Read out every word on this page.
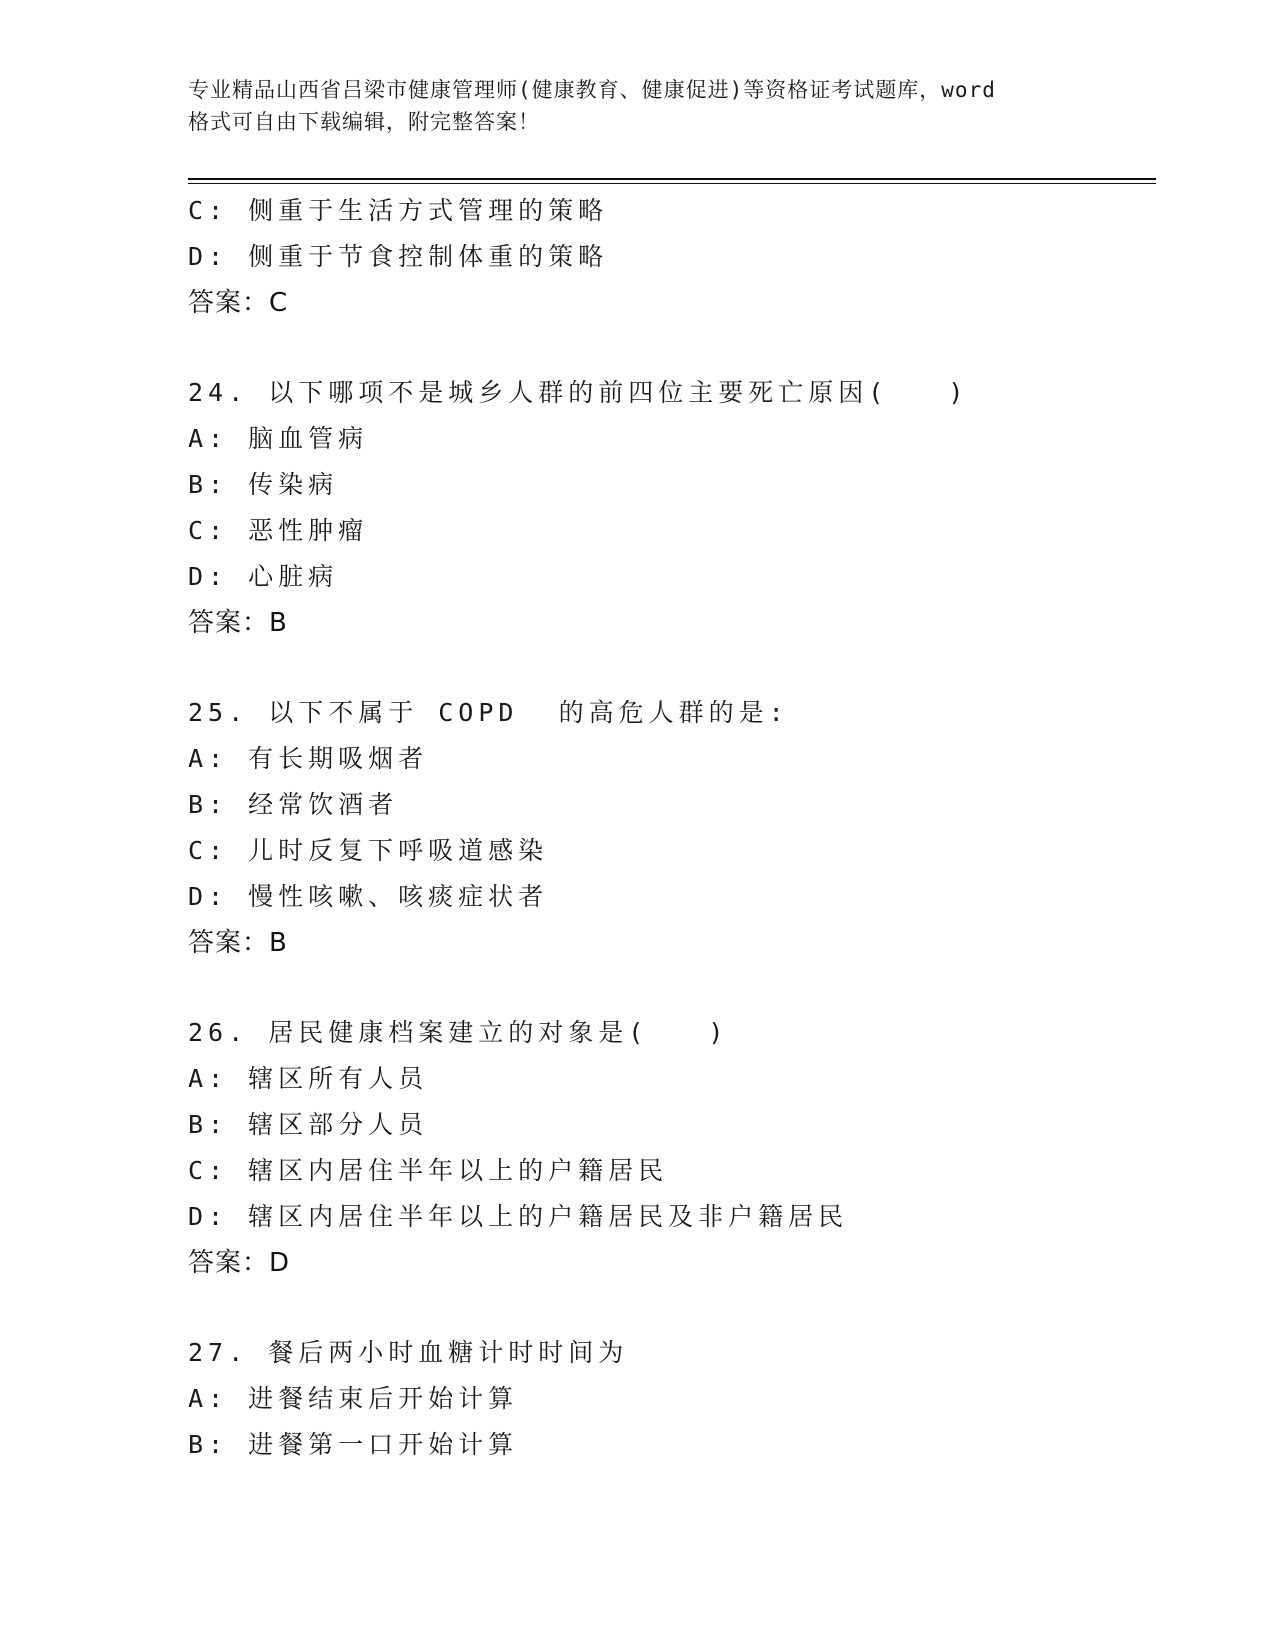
专业精品山西省吕梁市健康管理师(健康教育、健康促进)等资格证考试题库，word
格式可自由下载编辑，附完整答案！
C: 侧重于生活方式管理的策略
D: 侧重于节食控制体重的策略
答案：C
24. 以下哪项不是城乡人群的前四位主要死亡原因(   )
A: 脑血管病
B: 传染病
C: 恶性肿瘤
D: 心脏病
答案：B
25. 以下不属于 COPD  的高危人群的是:
A: 有长期吸烟者
B: 经常饮酒者
C: 儿时反复下呼吸道感染
D: 慢性咳嗽、咳痰症状者
答案：B
26. 居民健康档案建立的对象是(   )
A: 辖区所有人员
B: 辖区部分人员
C: 辖区内居住半年以上的户籍居民
D: 辖区内居住半年以上的户籍居民及非户籍居民
答案：D
27. 餐后两小时血糖计时时间为
A: 进餐结束后开始计算
B: 进餐第一口开始计算
